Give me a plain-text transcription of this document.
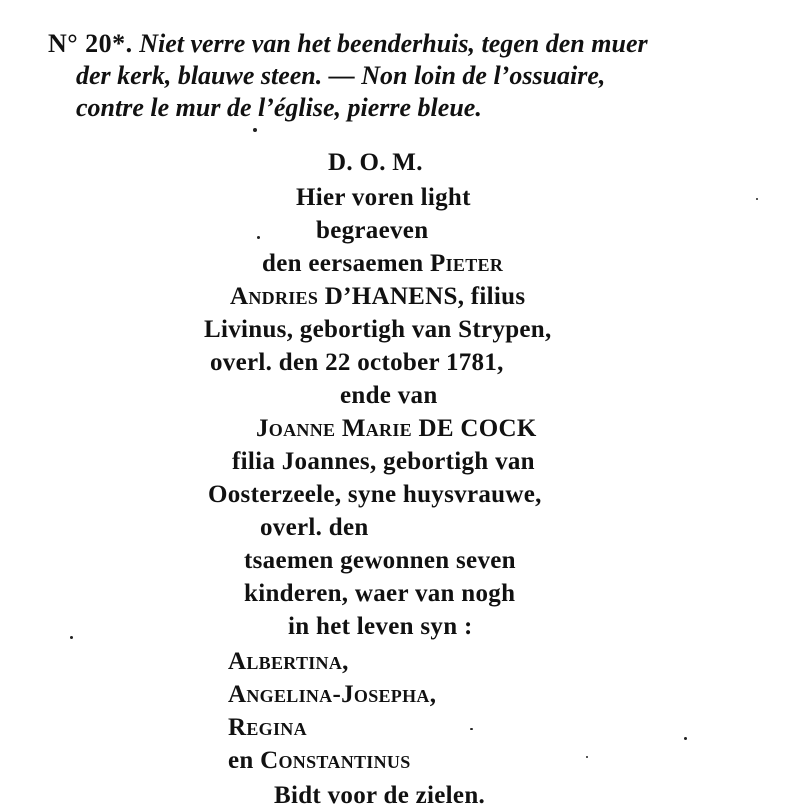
N° 20*. Niet verre van het beenderhuis, tegen den muer
der kerk, blauwe steen. — Non loin de l’ossuaire,
contre le mur de l’église, pierre bleue.
D. O. M.
Hier voren light
begraeven
den eersaemen Pieter
Andries D’HANENS, filius
Livinus, gebortigh van Strypen,
overl. den 22 october 1781,
ende van
Joanne Marie DE COCK
filia Joannes, gebortigh van
Oosterzeele, syne huysvrauwe,
overl. den
tsaemen gewonnen seven
kinderen, waer van nogh
in het leven syn :
Albertina,
Angelina-Josepha,
Regina
en Constantinus
Bidt voor de zielen.
